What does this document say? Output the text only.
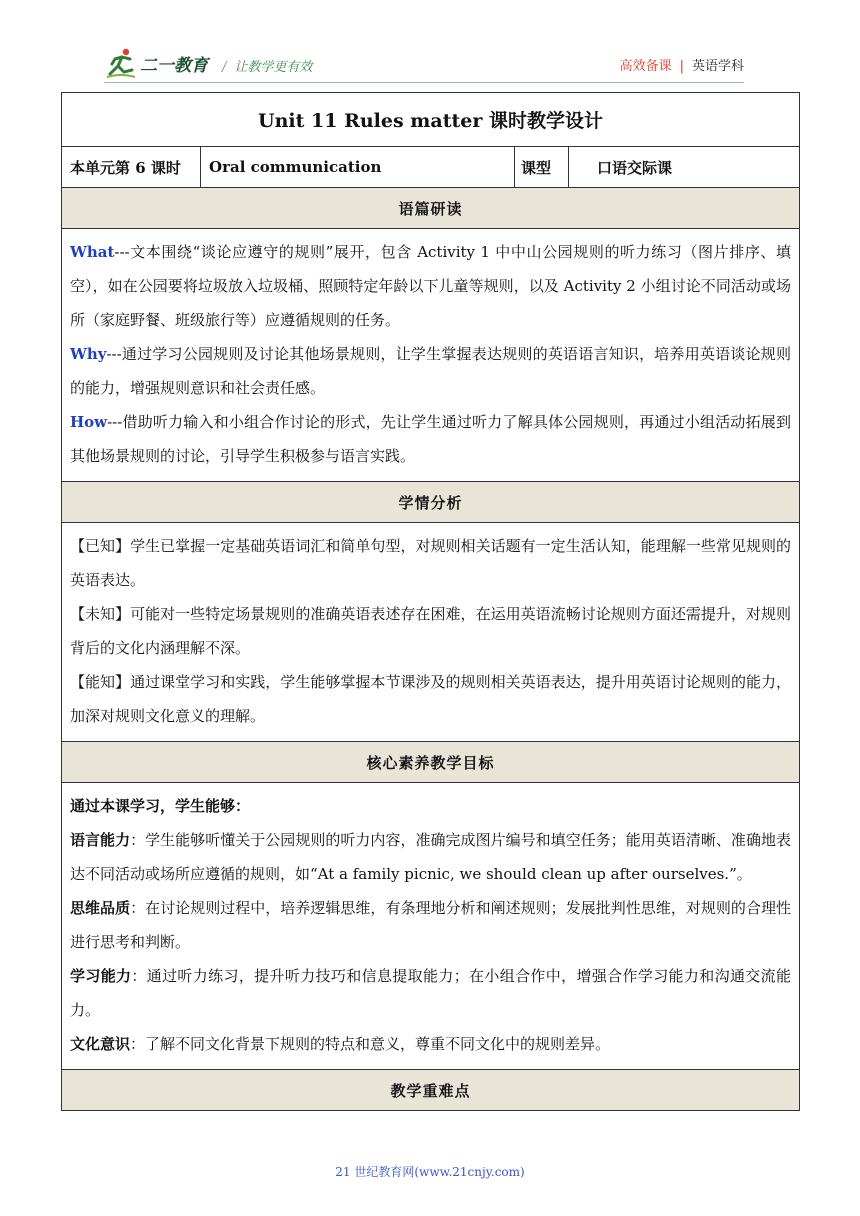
二一教育 / 让教学更有效	高效备课 | 英语学科
Unit 11 Rules matter 课时教学设计
本单元第 6 课时	Oral communication	课型	口语交际课
语篇研读

What---文本围绕“谈论应遵守的规则”展开，包含 Activity 1 中中山公园规则的听力练习（图片排序、填空），如在公园要将垃圾放入垃圾桶、照顾特定年龄以下儿童等规则，以及 Activity 2 小组讨论不同活动或场所（家庭野餐、班级旅行等）应遵循规则的任务。

Why---通过学习公园规则及讨论其他场景规则，让学生掌握表达规则的英语语言知识，培养用英语谈论规则的能力，增强规则意识和社会责任感。

How---借助听力输入和小组合作讨论的形式，先让学生通过听力了解具体公园规则，再通过小组活动拓展到其他场景规则的讨论，引导学生积极参与语言实践。

学情分析

【已知】学生已掌握一定基础英语词汇和简单句型，对规则相关话题有一定生活认知，能理解一些常见规则的英语表达。

【未知】可能对一些特定场景规则的准确英语表述存在困难，在运用英语流畅讨论规则方面还需提升，对规则背后的文化内涵理解不深。

【能知】通过课堂学习和实践，学生能够掌握本节课涉及的规则相关英语表达，提升用英语讨论规则的能力，加深对规则文化意义的理解。

核心素养教学目标

通过本课学习，学生能够：

语言能力：学生能够听懂关于公园规则的听力内容，准确完成图片编号和填空任务；能用英语清晰、准确地表达不同活动或场所应遵循的规则，如“At a family picnic, we should clean up after ourselves.”。

思维品质：在讨论规则过程中，培养逻辑思维，有条理地分析和阐述规则；发展批判性思维，对规则的合理性进行思考和判断。

学习能力：通过听力练习，提升听力技巧和信息提取能力；在小组合作中，增强合作学习能力和沟通交流能力。

文化意识：了解不同文化背景下规则的特点和意义，尊重不同文化中的规则差异。

教学重难点
21 世纪教育网(www.21cnjy.com)
